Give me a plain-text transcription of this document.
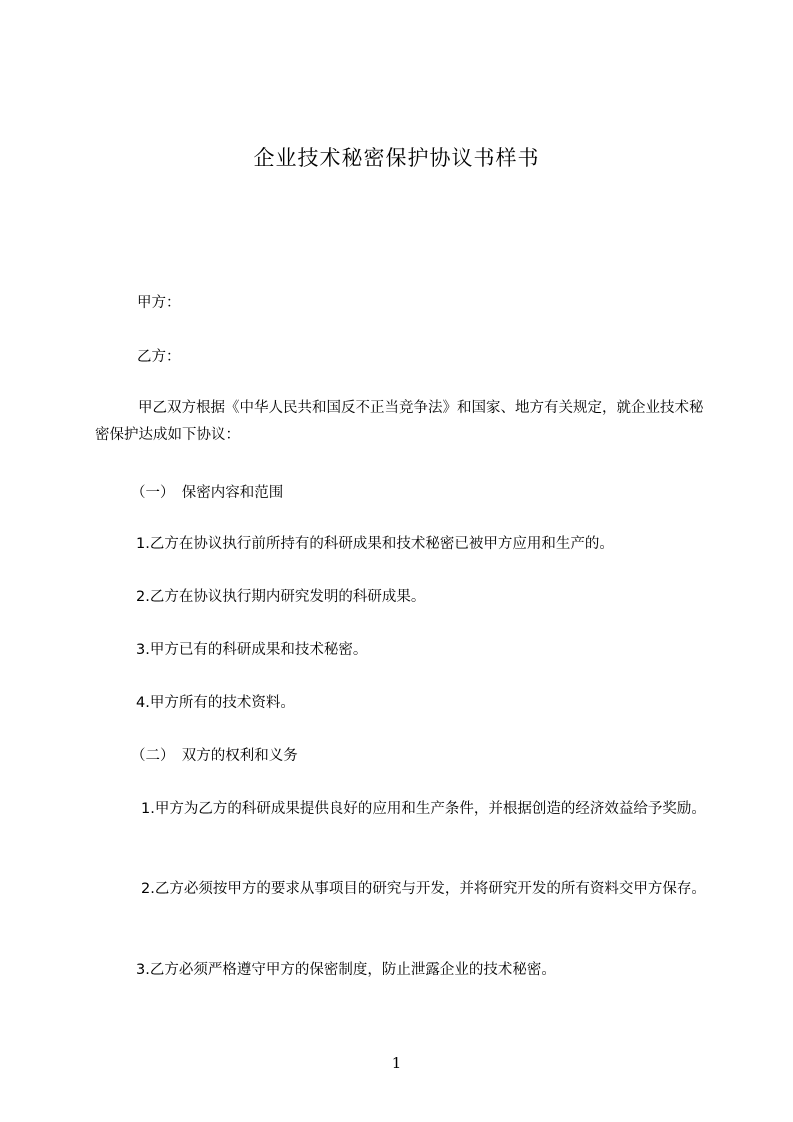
企业技术秘密保护协议书样书

甲方：

乙方：

甲乙双方根据《中华人民共和国反不正当竞争法》和国家、地方有关规定，就企业技术秘密保护达成如下协议：

（一）　保密内容和范围

1.乙方在协议执行前所持有的科研成果和技术秘密已被甲方应用和生产的。

2.乙方在协议执行期内研究发明的科研成果。

3.甲方已有的科研成果和技术秘密。

4.甲方所有的技术资料。

（二）　双方的权利和义务

1.甲方为乙方的科研成果提供良好的应用和生产条件，并根据创造的经济效益给予奖励。

2.乙方必须按甲方的要求从事项目的研究与开发，并将研究开发的所有资料交甲方保存。

3.乙方必须严格遵守甲方的保密制度，防止泄露企业的技术秘密。

1
